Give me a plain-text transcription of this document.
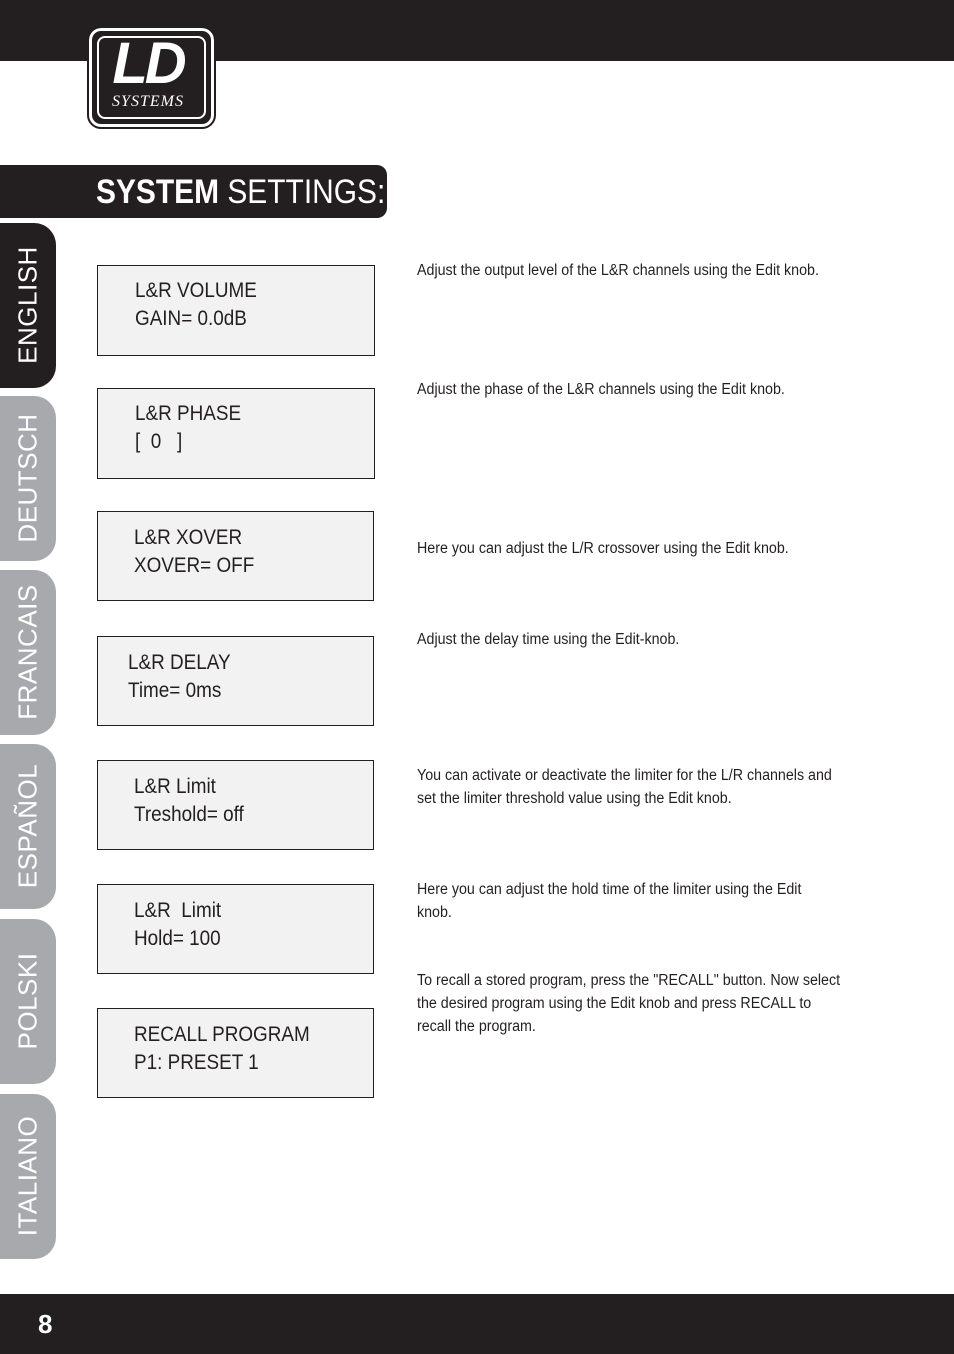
LD
SYSTEMS
SYSTEM SETTINGS:
ENGLISH
DEUTSCH
FRANCAIS
ESPAÑOL
POLSKI
ITALIANO
L&R VOLUME
GAIN= 0.0dB
L&R PHASE
[  0   ]
L&R XOVER
XOVER= OFF
L&R DELAY
Time= 0ms
L&R Limit
Treshold= off
L&R  Limit
Hold= 100
RECALL PROGRAM
P1: PRESET 1
Adjust the output level of the L&R channels using the Edit knob.
Adjust the phase of the L&R channels using the Edit knob.
Here you can adjust the L/R crossover using the Edit knob.
Adjust the delay time using the Edit-knob.
You can activate or deactivate the limiter for the L/R channels and set the limiter threshold value using the Edit knob.
Here you can adjust the hold time of the limiter using the Edit knob.
To recall a stored program, press the "RECALL" button. Now select the desired program using the Edit knob and press RECALL to recall the program.
8
